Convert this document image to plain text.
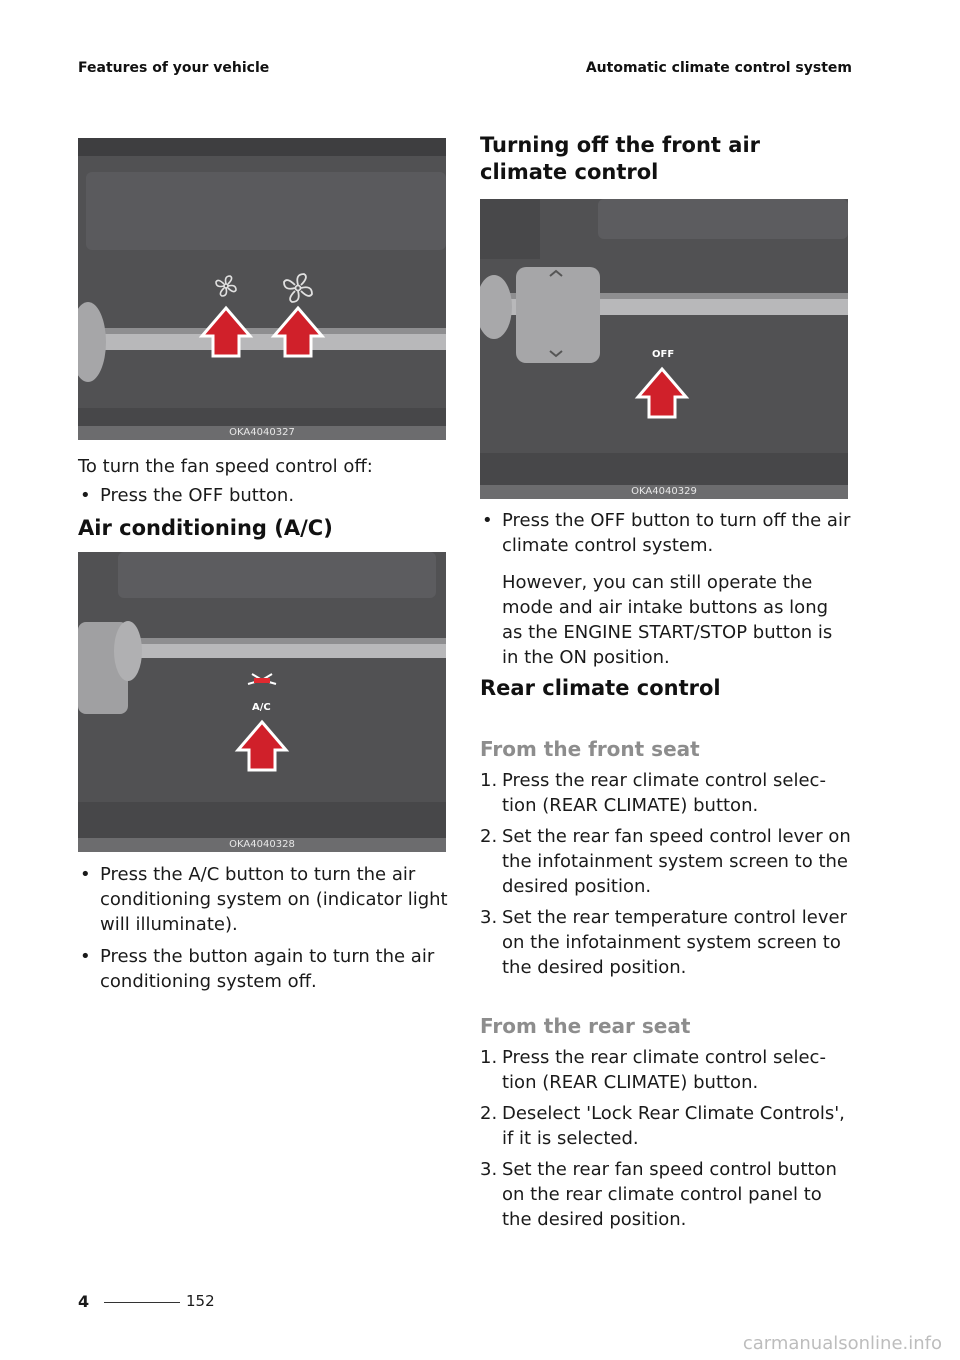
Features of your vehicle	Automatic climate control system
OKA4040327

To turn the fan speed control off:

• Press the OFF button.
Air conditioning (A/C)
A/C
OKA4040328
• Press the A/C button to turn the air conditioning system on (indicator light will illuminate).
• Press the button again to turn the air conditioning system off.
Turning off the front air climate control
OFF
OKA4040329
• Press the OFF button to turn off the air climate control system.

However, you can still operate the mode and air intake buttons as long as the ENGINE START/STOP button is in the ON position.

Rear climate control
From the front seat
1. Press the rear climate control selec-tion (REAR CLIMATE) button.
2. Set the rear fan speed control lever on the infotainment system screen to the desired position.
3. Set the rear temperature control lever on the infotainment system screen to the desired position.
From the rear seat
1. Press the rear climate control selec-tion (REAR CLIMATE) button.
2. Deselect 'Lock Rear Climate Controls', if it is selected.
3. Set the rear fan speed control button on the rear climate control panel to the desired position.
4	152
carmanualsonline.info
